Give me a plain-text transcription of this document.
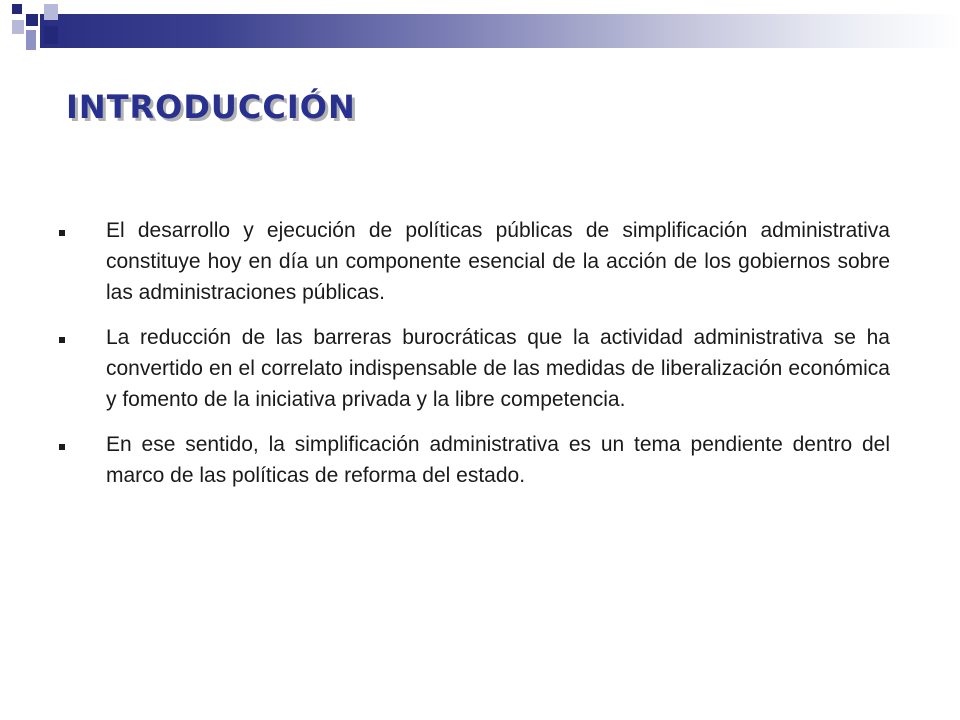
INTRODUCCIÓN
El desarrollo y ejecución de políticas públicas de simplificación administrativa constituye hoy en día un componente esencial de la acción de los gobiernos sobre las administraciones públicas.
La reducción de las barreras burocráticas que la actividad administrativa se ha convertido en el correlato indispensable de las medidas de liberalización económica y fomento de la iniciativa privada y la libre competencia.
En ese sentido, la simplificación administrativa es un tema pendiente dentro del marco de las políticas de reforma del estado.
